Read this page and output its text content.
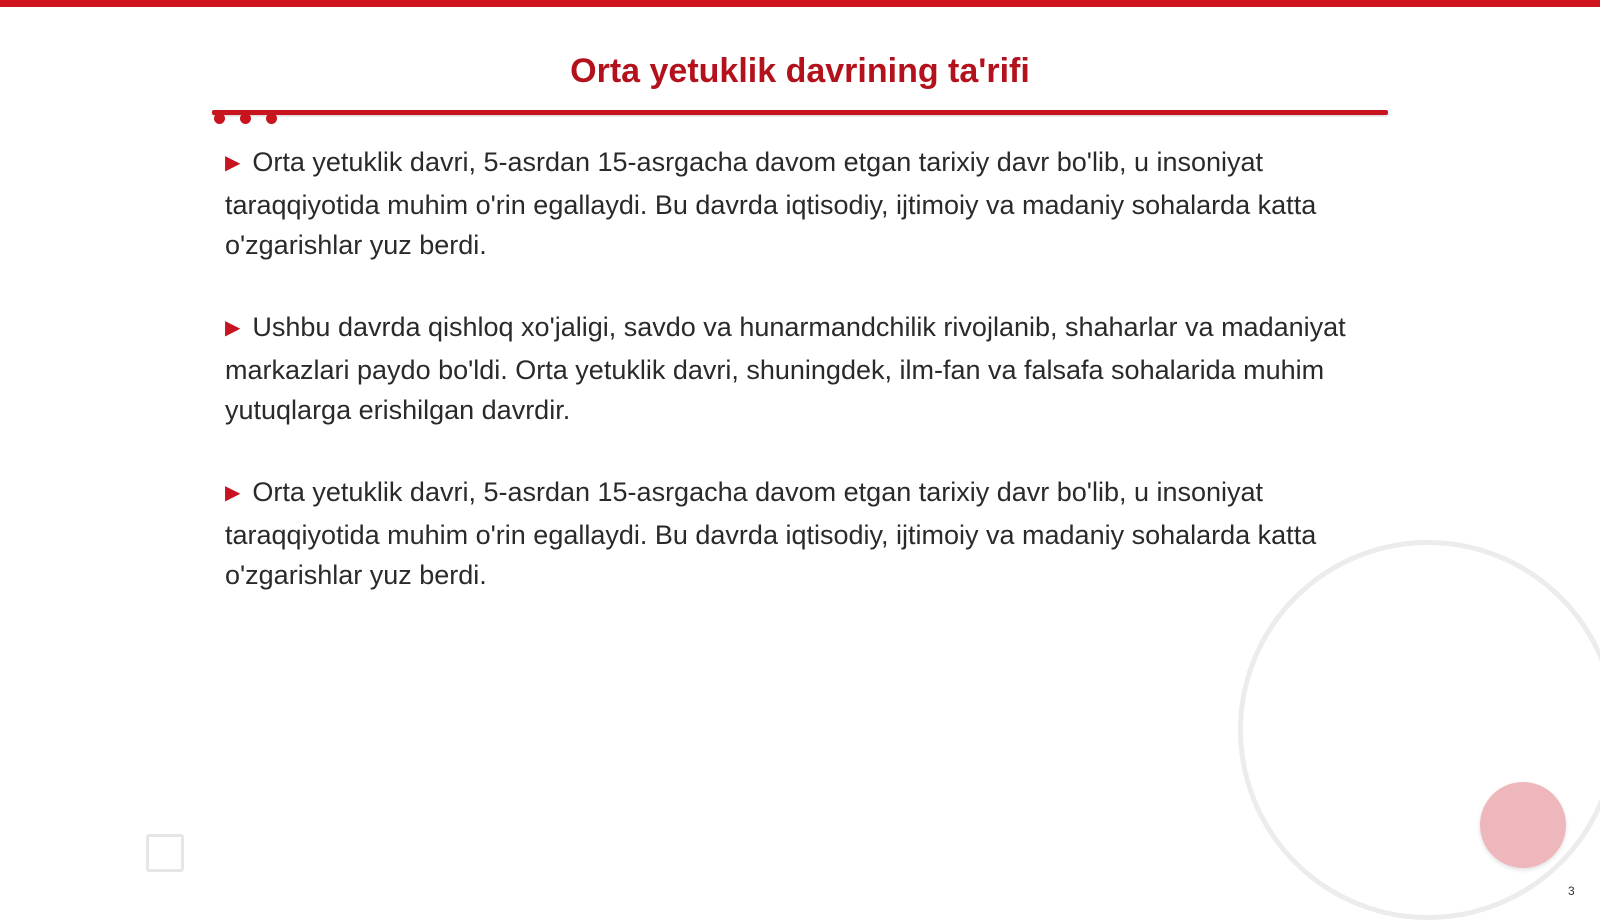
Orta yetuklik davrining ta'rifi
▶ Orta yetuklik davri, 5-asrdan 15-asrgacha davom etgan tarixiy davr bo'lib, u insoniyat taraqqiyotida muhim o'rin egallaydi. Bu davrda iqtisodiy, ijtimoiy va madaniy sohalarda katta o'zgarishlar yuz berdi.
▶ Ushbu davrda qishloq xo'jaligi, savdo va hunarmandchilik rivojlanib, shaharlar va madaniyat markazlari paydo bo'ldi. Orta yetuklik davri, shuningdek, ilm-fan va falsafa sohalarida muhim yutuqlarga erishilgan davrdir.
▶ Orta yetuklik davri, 5-asrdan 15-asrgacha davom etgan tarixiy davr bo'lib, u insoniyat taraqqiyotida muhim o'rin egallaydi. Bu davrda iqtisodiy, ijtimoiy va madaniy sohalarda katta o'zgarishlar yuz berdi.
3
